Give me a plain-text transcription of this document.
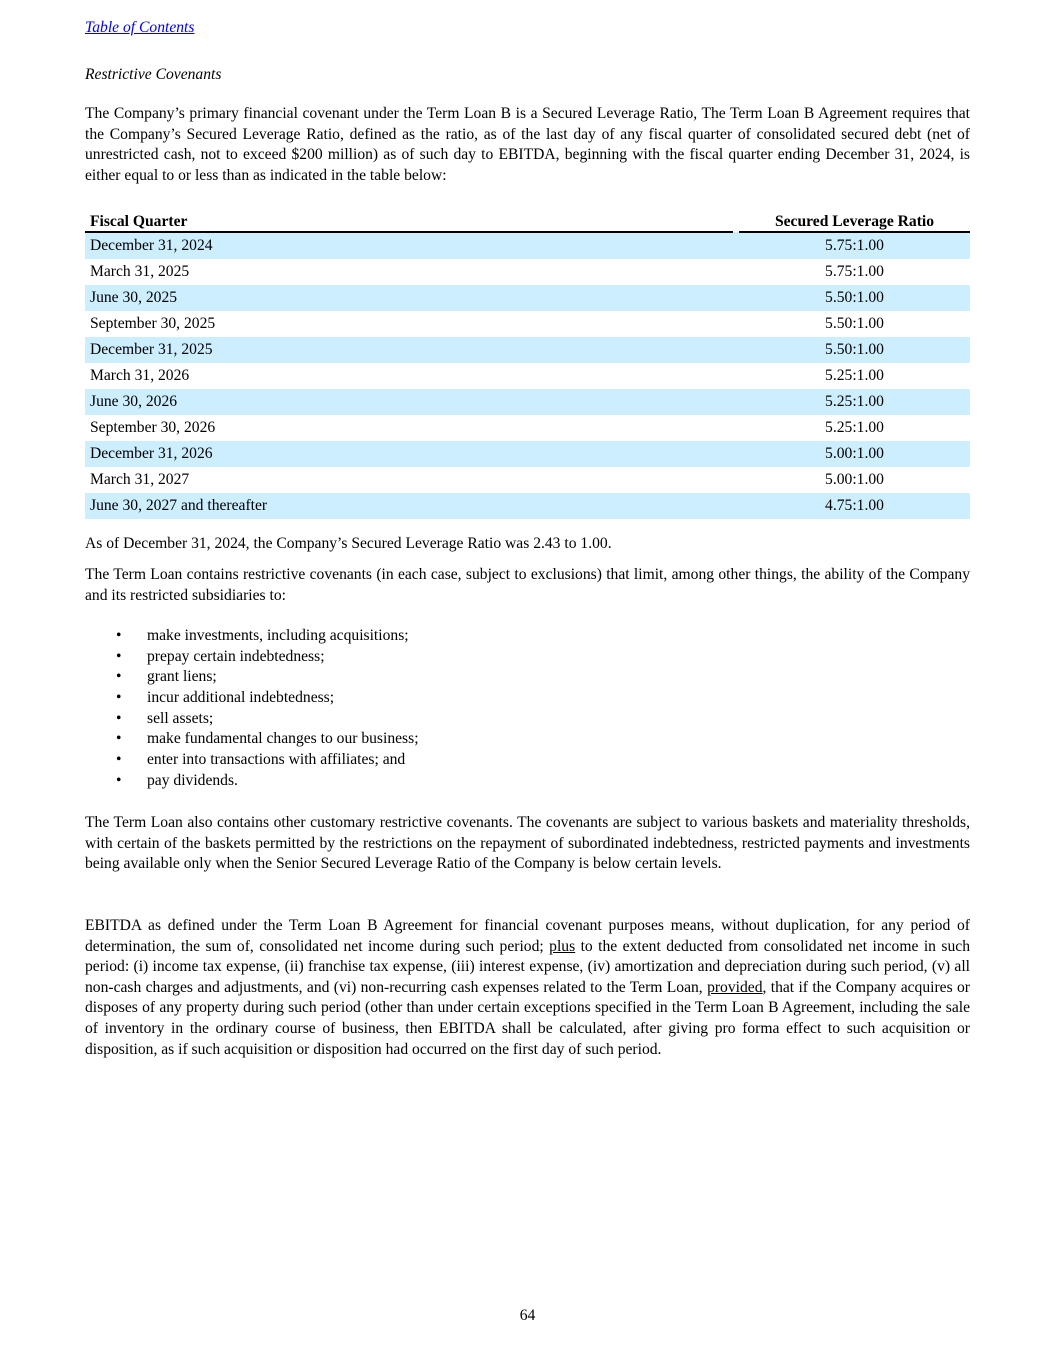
Table of Contents
Restrictive Covenants

The Company’s primary financial covenant under the Term Loan B is a Secured Leverage Ratio, The Term Loan B Agreement requires that the Company’s Secured Leverage Ratio, defined as the ratio, as of the last day of any fiscal quarter of consolidated secured debt (net of unrestricted cash, not to exceed $200 million) as of such day to EBITDA, beginning with the fiscal quarter ending December 31, 2024, is either equal to or less than as indicated in the table below:

Fiscal Quarter		Secured Leverage Ratio
December 31, 2024		5.75:1.00
March 31, 2025		5.75:1.00
June 30, 2025		5.50:1.00
September 30, 2025		5.50:1.00
December 31, 2025		5.50:1.00
March 31, 2026		5.25:1.00
June 30, 2026		5.25:1.00
September 30, 2026		5.25:1.00
December 31, 2026		5.00:1.00
March 31, 2027		5.00:1.00
June 30, 2027 and thereafter		4.75:1.00

As of December 31, 2024, the Company’s Secured Leverage Ratio was 2.43 to 1.00.

The Term Loan contains restrictive covenants (in each case, subject to exclusions) that limit, among other things, the ability of the Company and its restricted subsidiaries to:

• make investments, including acquisitions;
• prepay certain indebtedness;
• grant liens;
• incur additional indebtedness;
• sell assets;
• make fundamental changes to our business;
• enter into transactions with affiliates; and
• pay dividends.

The Term Loan also contains other customary restrictive covenants. The covenants are subject to various baskets and materiality thresholds, with certain of the baskets permitted by the restrictions on the repayment of subordinated indebtedness, restricted payments and investments being available only when the Senior Secured Leverage Ratio of the Company is below certain levels.

EBITDA as defined under the Term Loan B Agreement for financial covenant purposes means, without duplication, for any period of determination, the sum of, consolidated net income during such period; plus to the extent deducted from consolidated net income in such period: (i) income tax expense, (ii) franchise tax expense, (iii) interest expense, (iv) amortization and depreciation during such period, (v) all non-cash charges and adjustments, and (vi) non-recurring cash expenses related to the Term Loan, provided, that if the Company acquires or disposes of any property during such period (other than under certain exceptions specified in the Term Loan B Agreement, including the sale of inventory in the ordinary course of business, then EBITDA shall be calculated, after giving pro forma effect to such acquisition or disposition, as if such acquisition or disposition had occurred on the first day of such period.

64
